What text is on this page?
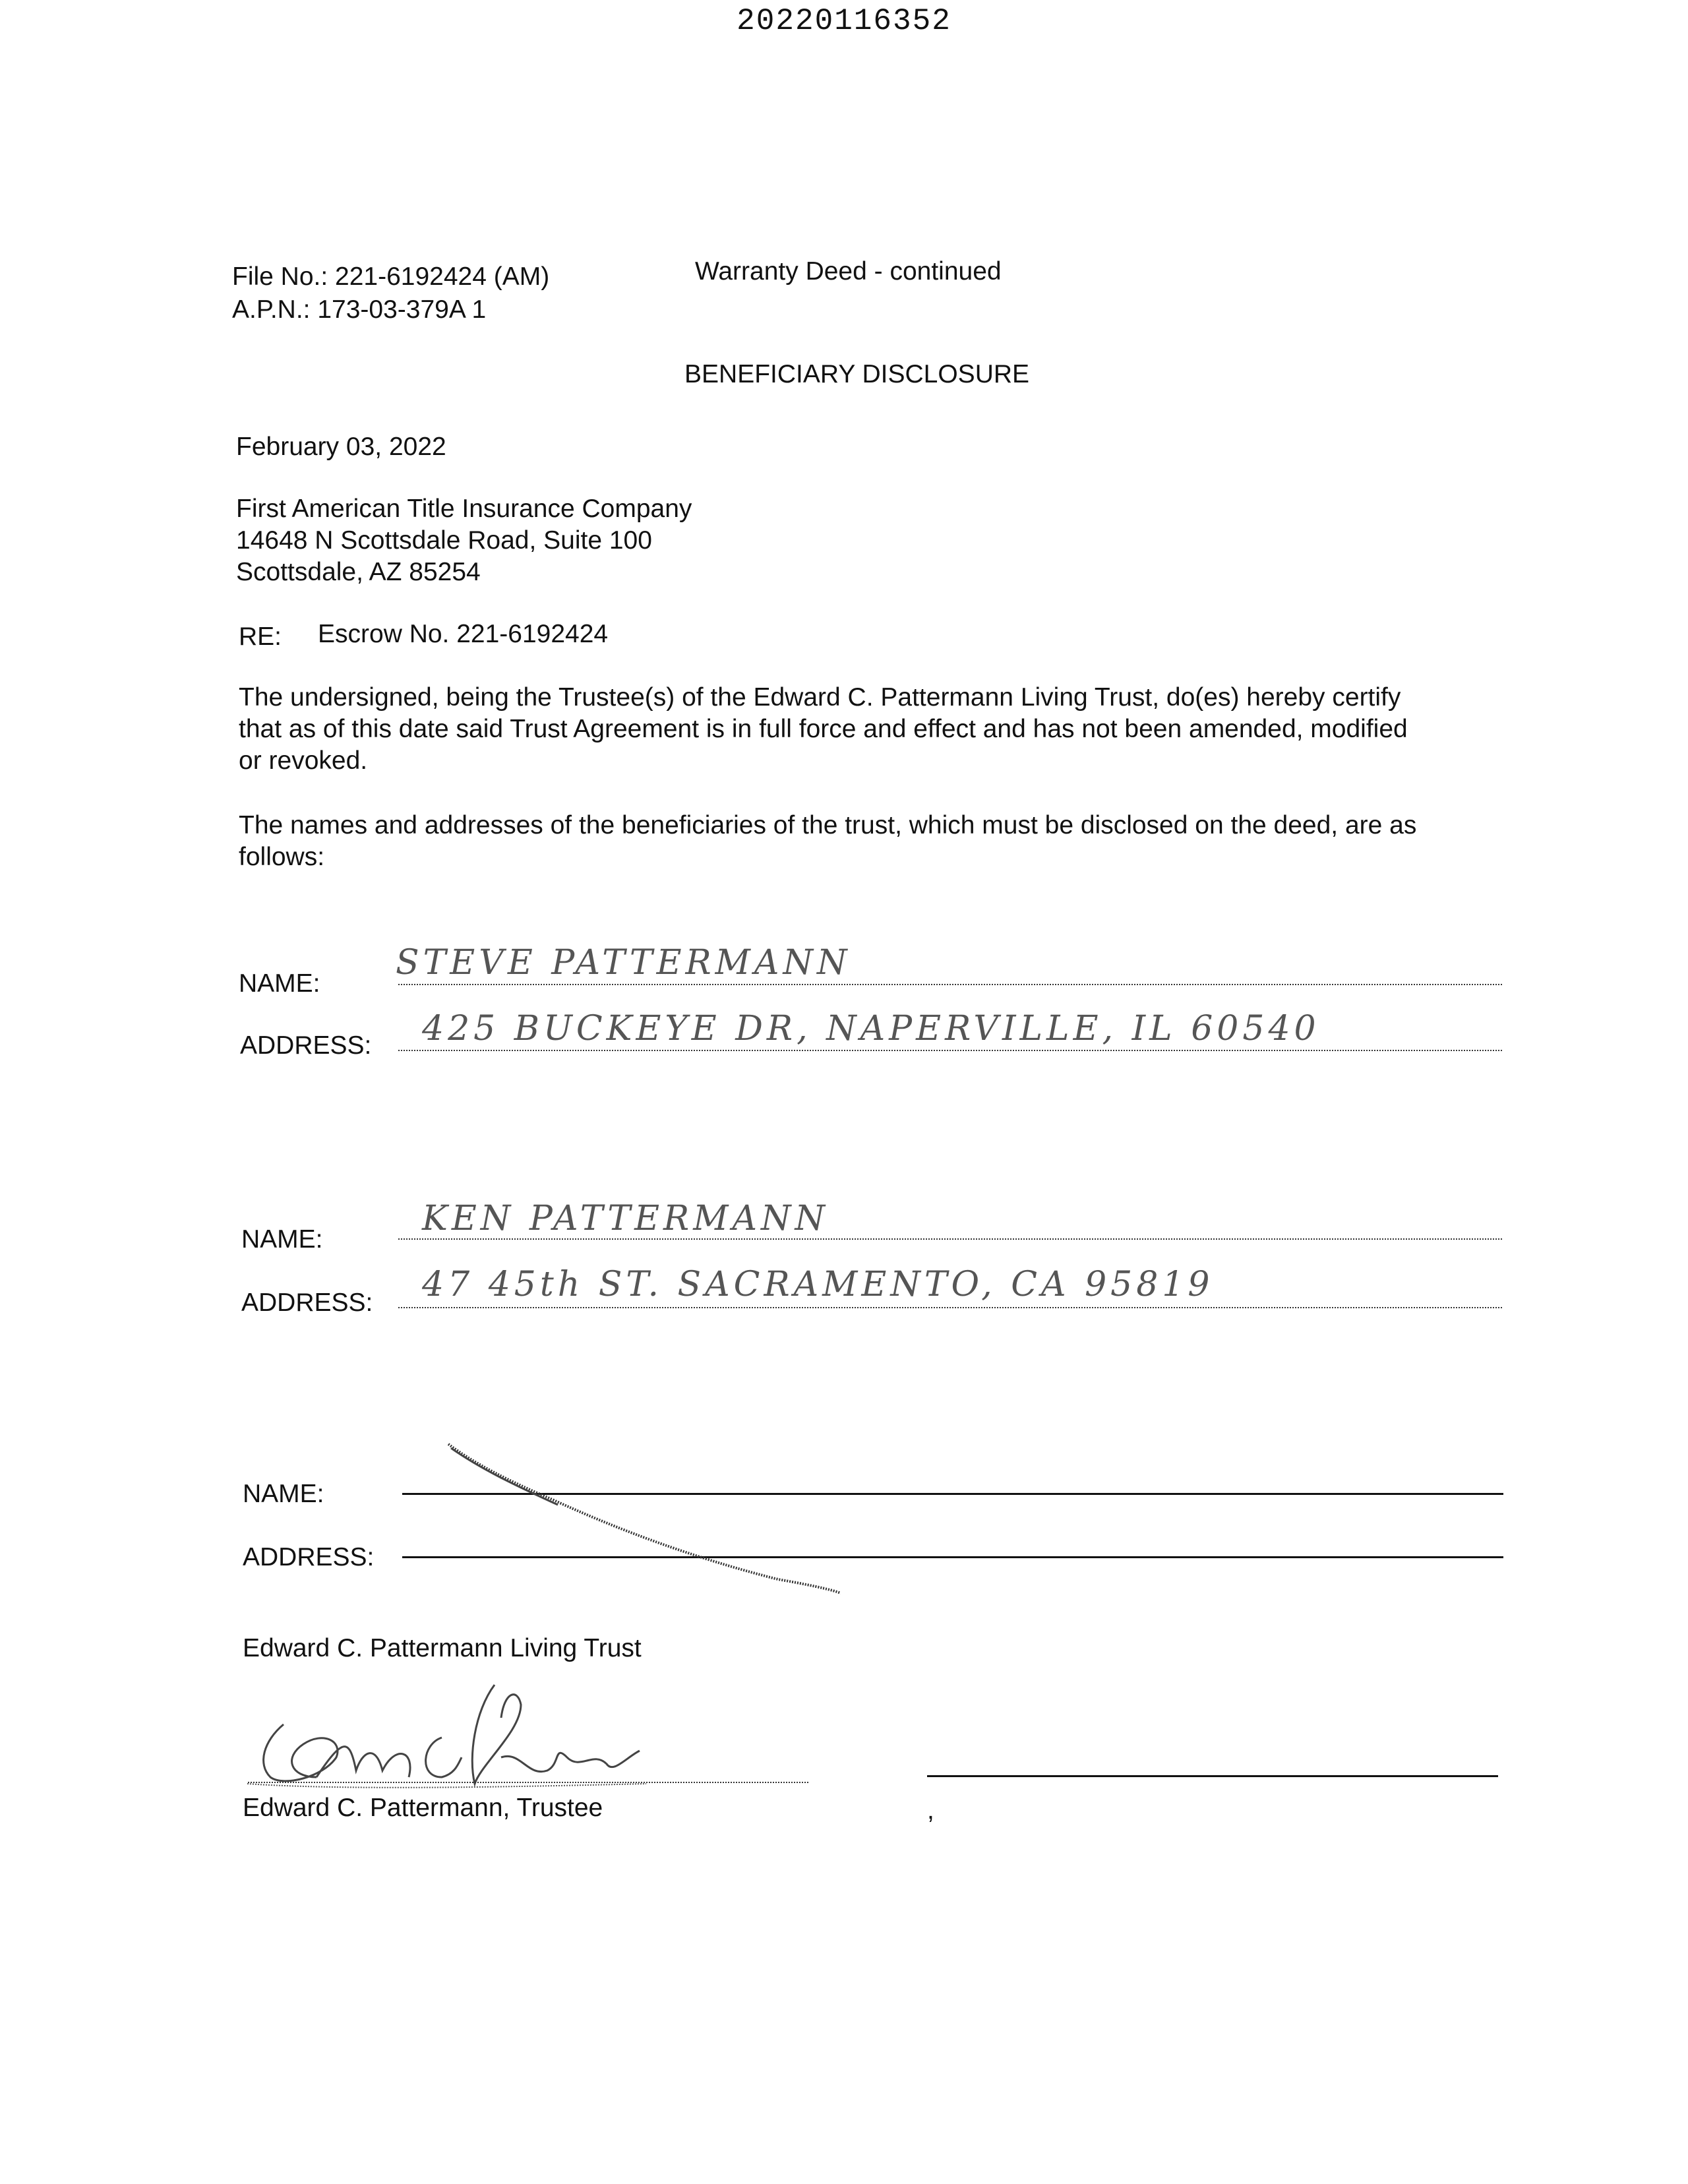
20220116352
File No.: 221-6192424 (AM)
A.P.N.: 173-03-379A 1
Warranty Deed - continued
BENEFICIARY DISCLOSURE
February 03, 2022
First American Title Insurance Company
14648 N Scottsdale Road, Suite 100
Scottsdale, AZ 85254
RE: Escrow No. 221-6192424
The undersigned, being the Trustee(s) of the Edward C. Pattermann Living Trust, do(es) hereby certify
that as of this date said Trust Agreement is in full force and effect and has not been amended, modified
or revoked.
The names and addresses of the beneficiaries of the trust, which must be disclosed on the deed, are as
follows:
NAME:
STEVE PATTERMANN
ADDRESS: 425 BUCKEYE DR, NAPERVILLE, IL 60540
NAME:
KEN PATTERMANN
ADDRESS: 47 45th ST. SACRAMENTO, CA 95819
NAME:
ADDRESS:
Edward C. Pattermann Living Trust
Edward C. Pattermann, Trustee	,
